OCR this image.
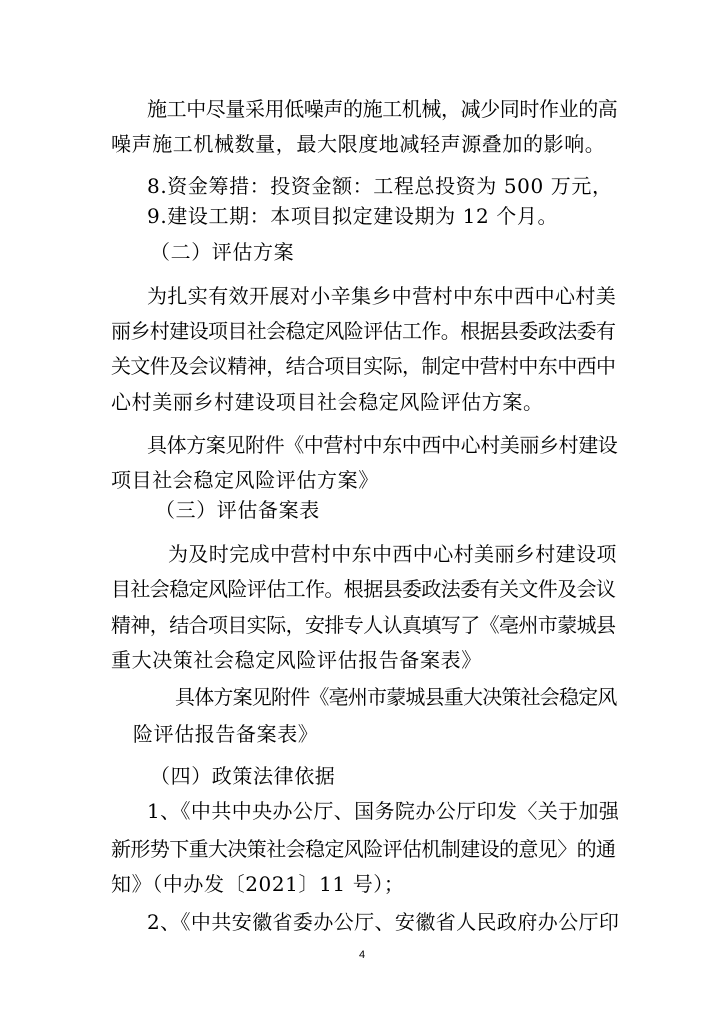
施工中尽量采用低噪声的施工机械，减少同时作业的高
噪声施工机械数量，最大限度地减轻声源叠加的影响。
8.资金筹措：投资金额：工程总投资为 500 万元，
9.建设工期：本项目拟定建设期为 12 个月。
（二）评估方案
为扎实有效开展对小辛集乡中营村中东中西中心村美
丽乡村建设项目社会稳定风险评估工作。根据县委政法委有
关文件及会议精神，结合项目实际，制定中营村中东中西中
心村美丽乡村建设项目社会稳定风险评估方案。
具体方案见附件《中营村中东中西中心村美丽乡村建设
项目社会稳定风险评估方案》
（三）评估备案表
为及时完成中营村中东中西中心村美丽乡村建设项
目社会稳定风险评估工作。根据县委政法委有关文件及会议
精神，结合项目实际，安排专人认真填写了《亳州市蒙城县
重大决策社会稳定风险评估报告备案表》
具体方案见附件《亳州市蒙城县重大决策社会稳定风
险评估报告备案表》
（四）政策法律依据
1、《中共中央办公厅、国务院办公厅印发〈关于加强
新形势下重大决策社会稳定风险评估机制建设的意见〉的通
知》（中办发〔2021〕11 号）；
2、《中共安徽省委办公厅、安徽省人民政府办公厅印
4
